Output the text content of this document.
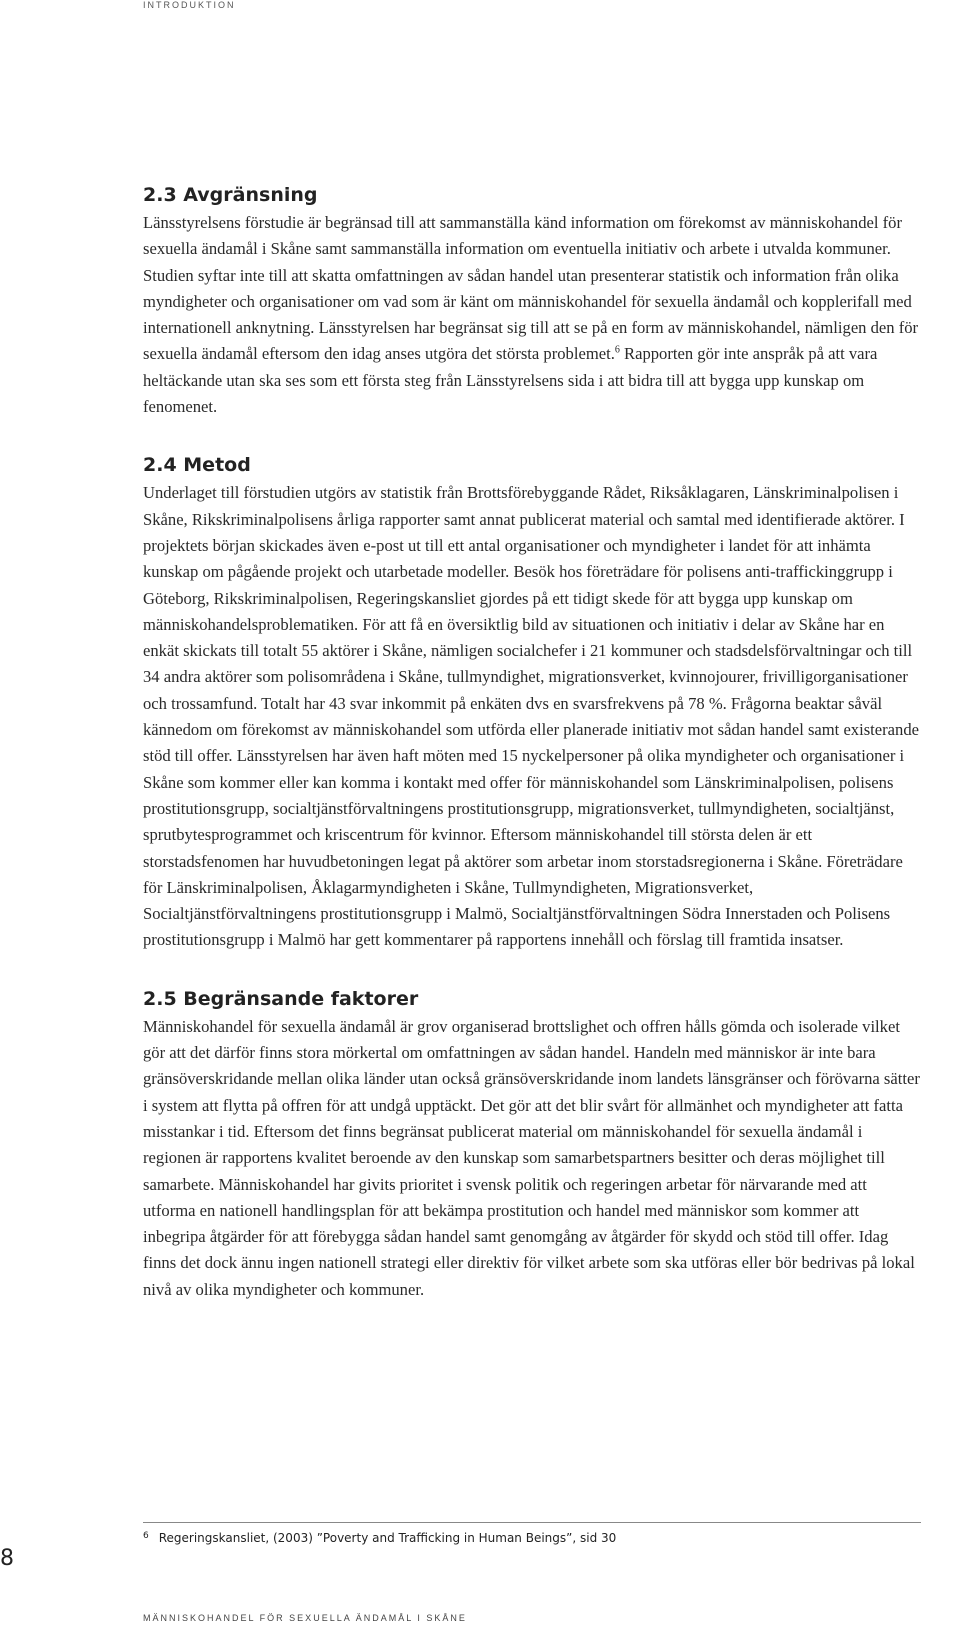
INTRODUKTION
2.3 Avgränsning

Länsstyrelsens förstudie är begränsad till att sammanställa känd information om förekomst av människohandel för sexuella ändamål i Skåne samt sammanställa information om eventuella initiativ och arbete i utvalda kommuner. Studien syftar inte till att skatta omfattningen av sådan handel utan presenterar statistik och information från olika myndigheter och organisationer om vad som är känt om människohandel för sexuella ändamål och kopplerifall med internationell anknytning. Länsstyrelsen har begränsat sig till att se på en form av människohandel, nämligen den för sexuella ändamål eftersom den idag anses utgöra det största problemet.$^6$ Rapporten gör inte anspråk på att vara heltäckande utan ska ses som ett första steg från Länsstyrelsens sida i att bidra till att bygga upp kunskap om fenomenet.

2.4 Metod

Underlaget till förstudien utgörs av statistik från Brottsförebyggande Rådet, Riksåklagaren, Länskriminalpolisen i Skåne, Rikskriminalpolisens årliga rapporter samt annat publicerat material och samtal med identifierade aktörer. I projektets början skickades även e-post ut till ett antal organisationer och myndigheter i landet för att inhämta kunskap om pågående projekt och utarbetade modeller. Besök hos företrädare för polisens anti-traffickinggrupp i Göteborg, Rikskriminalpolisen, Regeringskansliet gjordes på ett tidigt skede för att bygga upp kunskap om människohandelsproblematiken. För att få en översiktlig bild av situationen och initiativ i delar av Skåne har en enkät skickats till totalt 55 aktörer i Skåne, nämligen socialchefer i 21 kommuner och stadsdelsförvaltningar och till 34 andra aktörer som polisområdena i Skåne, tullmyndighet, migrationsverket, kvinnojourer, frivilligorganisationer och trossamfund. Totalt har 43 svar inkommit på enkäten dvs en svarsfrekvens på 78 %. Frågorna beaktar såväl kännedom om förekomst av människohandel som utförda eller planerade initiativ mot sådan handel samt existerande stöd till offer. Länsstyrelsen har även haft möten med 15 nyckelpersoner på olika myndigheter och organisationer i Skåne som kommer eller kan komma i kontakt med offer för människohandel som Länskriminalpolisen, polisens prostitutionsgrupp, socialtjänstförvaltningens prostitutionsgrupp, migrationsverket, tullmyndigheten, socialtjänst, sprutbytesprogrammet och kriscentrum för kvinnor. Eftersom människohandel till största delen är ett storstadsfenomen har huvudbetoningen legat på aktörer som arbetar inom storstadsregionerna i Skåne. Företrädare för Länskriminalpolisen, Åklagarmyndigheten i Skåne, Tullmyndigheten, Migrationsverket, Socialtjänstförvaltningens prostitutionsgrupp i Malmö, Socialtjänstförvaltningen Södra Innerstaden och Polisens prostitutionsgrupp i Malmö har gett kommentarer på rapportens innehåll och förslag till framtida insatser.

2.5 Begränsande faktorer

Människohandel för sexuella ändamål är grov organiserad brottslighet och offren hålls gömda och isolerade vilket gör att det därför finns stora mörkertal om omfattningen av sådan handel. Handeln med människor är inte bara gränsöverskridande mellan olika länder utan också gränsöverskridande inom landets länsgränser och förövarna sätter i system att flytta på offren för att undgå upptäckt. Det gör att det blir svårt för allmänhet och myndigheter att fatta misstankar i tid. Eftersom det finns begränsat publicerat material om människohandel för sexuella ändamål i regionen är rapportens kvalitet beroende av den kunskap som samarbetspartners besitter och deras möjlighet till samarbete. Människohandel har givits prioritet i svensk politik och regeringen arbetar för närvarande med att utforma en nationell handlingsplan för att bekämpa prostitution och handel med människor som kommer att inbegripa åtgärder för att förebygga sådan handel samt genomgång av åtgärder för skydd och stöd till offer. Idag finns det dock ännu ingen nationell strategi eller direktiv för vilket arbete som ska utföras eller bör bedrivas på lokal nivå av olika myndigheter och kommuner.

$^6$ Regeringskansliet, (2003) ”Poverty and Trafficking in Human Beings”, sid 30
8
MÄNNISKOHANDEL FÖR SEXUELLA ÄNDAMÅL I SKÅNE
